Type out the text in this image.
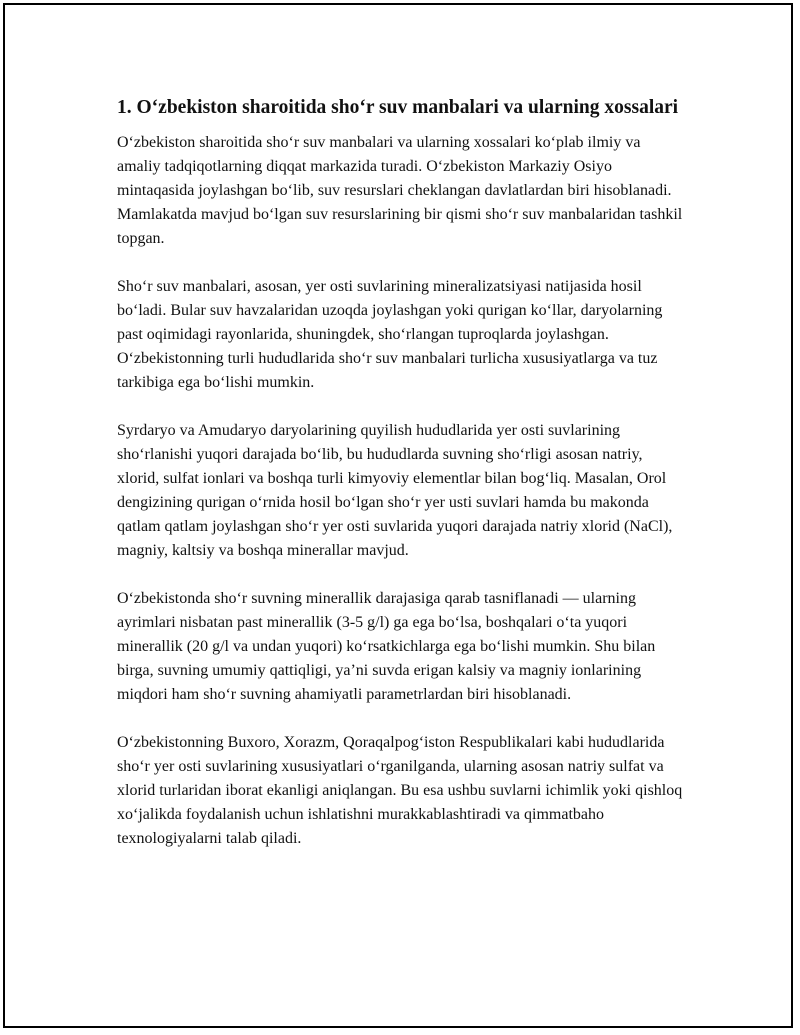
1. O‘zbekiston sharoitida sho‘r suv manbalari va ularning xossalari

O‘zbekiston sharoitida sho‘r suv manbalari va ularning xossalari ko‘plab ilmiy va amaliy tadqiqotlarning diqqat markazida turadi. O‘zbekiston Markaziy Osiyo mintaqasida joylashgan bo‘lib, suv resurslari cheklangan davlatlardan biri hisoblanadi. Mamlakatda mavjud bo‘lgan suv resurslarining bir qismi sho‘r suv manbalaridan tashkil topgan.

Sho‘r suv manbalari, asosan, yer osti suvlarining mineralizatsiyasi natijasida hosil bo‘ladi. Bular suv havzalaridan uzoqda joylashgan yoki qurigan ko‘llar, daryolarning past oqimidagi rayonlarida, shuningdek, sho‘rlangan tuproqlarda joylashgan. O‘zbekistonning turli hududlarida sho‘r suv manbalari turlicha xususiyatlarga va tuz tarkibiga ega bo‘lishi mumkin.

Syrdaryo va Amudaryo daryolarining quyilish hududlarida yer osti suvlarining sho‘rlanishi yuqori darajada bo‘lib, bu hududlarda suvning sho‘rligi asosan natriy, xlorid, sulfat ionlari va boshqa turli kimyoviy elementlar bilan bog‘liq. Masalan, Orol dengizining qurigan o‘rnida hosil bo‘lgan sho‘r yer usti suvlari hamda bu makonda qatlam qatlam joylashgan sho‘r yer osti suvlarida yuqori darajada natriy xlorid (NaCl), magniy, kaltsiy va boshqa minerallar mavjud.

O‘zbekistonda sho‘r suvning minerallik darajasiga qarab tasniflanadi — ularning ayrimlari nisbatan past minerallik (3-5 g/l) ga ega bo‘lsa, boshqalari o‘ta yuqori minerallik (20 g/l va undan yuqori) ko‘rsatkichlarga ega bo‘lishi mumkin. Shu bilan birga, suvning umumiy qattiqligi, ya’ni suvda erigan kalsiy va magniy ionlarining miqdori ham sho‘r suvning ahamiyatli parametrlardan biri hisoblanadi.

O‘zbekistonning Buxoro, Xorazm, Qoraqalpog‘iston Respublikalari kabi hududlarida sho‘r yer osti suvlarining xususiyatlari o‘rganilganda, ularning asosan natriy sulfat va xlorid turlaridan iborat ekanligi aniqlangan. Bu esa ushbu suvlarni ichimlik yoki qishloq xo‘jalikda foydalanish uchun ishlatishni murakkablashtiradi va qimmatbaho texnologiyalarni talab qiladi.
